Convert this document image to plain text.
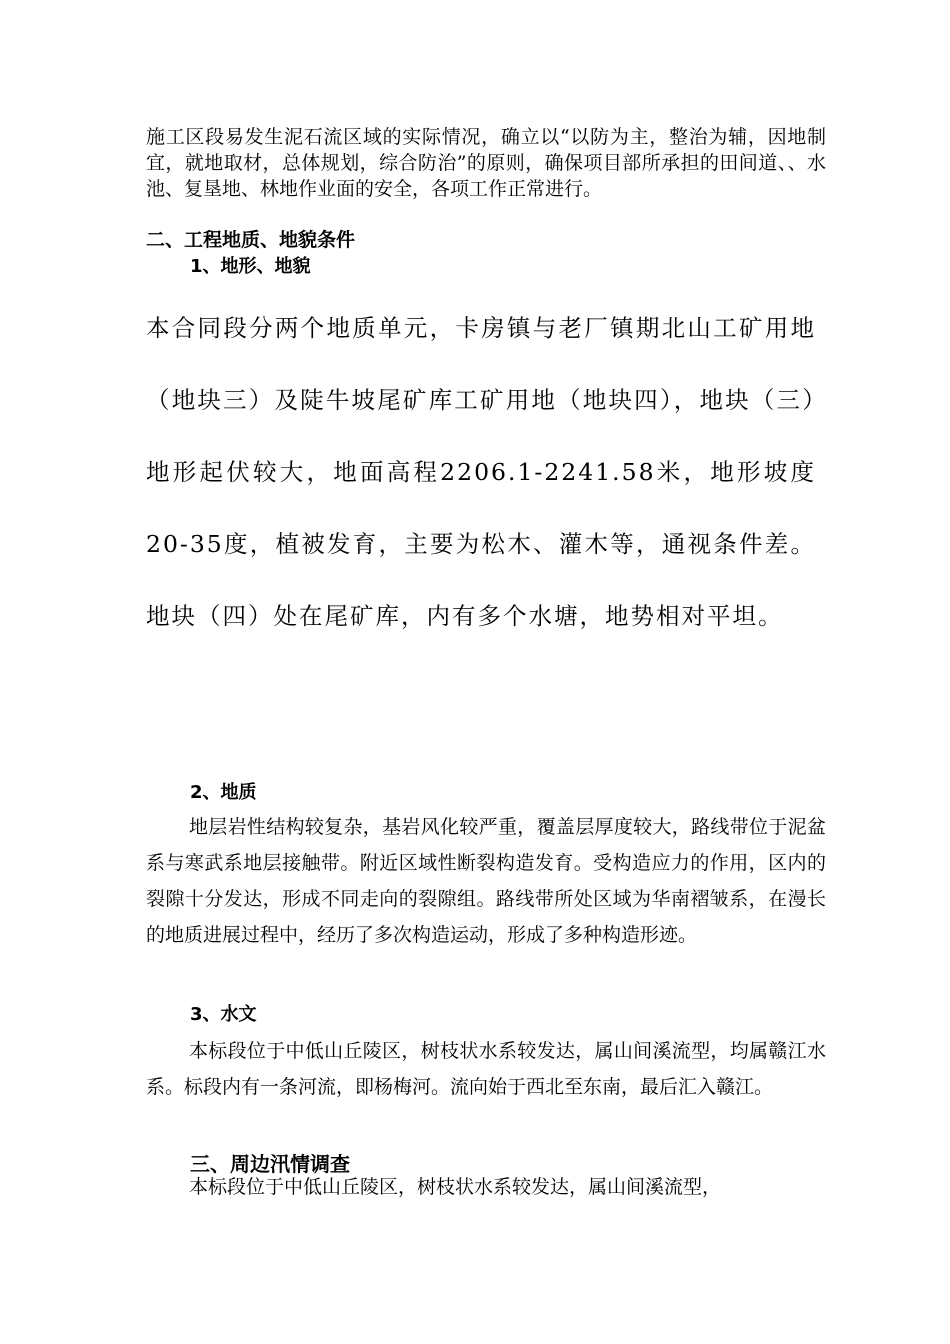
施工区段易发生泥石流区域的实际情况，确立以“以防为主，整治为辅，因地制宜，就地取材，总体规划，综合防治”的原则，确保项目部所承担的田间道、、水池、复垦地、林地作业面的安全，各项工作正常进行。

二、工程地质、地貌条件
1、地形、地貌

本合同段分两个地质单元，卡房镇与老厂镇期北山工矿用地（地块三）及陡牛坡尾矿库工矿用地（地块四），地块（三）地形起伏较大，地面高程2206.1-2241.58米，地形坡度20-35度，植被发育，主要为松木、灌木等，通视条件差。地块（四）处在尾矿库，内有多个水塘，地势相对平坦。

2、地质

地层岩性结构较复杂，基岩风化较严重，覆盖层厚度较大，路线带位于泥盆系与寒武系地层接触带。附近区域性断裂构造发育。受构造应力的作用，区内的裂隙十分发达，形成不同走向的裂隙组。路线带所处区域为华南褶皱系，在漫长的地质进展过程中，经历了多次构造运动，形成了多种构造形迹。

3、水文

本标段位于中低山丘陵区，树枝状水系较发达，属山间溪流型，均属赣江水系。标段内有一条河流，即杨梅河。流向始于西北至东南，最后汇入赣江。

三、周边汛情调查

本标段位于中低山丘陵区，树枝状水系较发达，属山间溪流型，
